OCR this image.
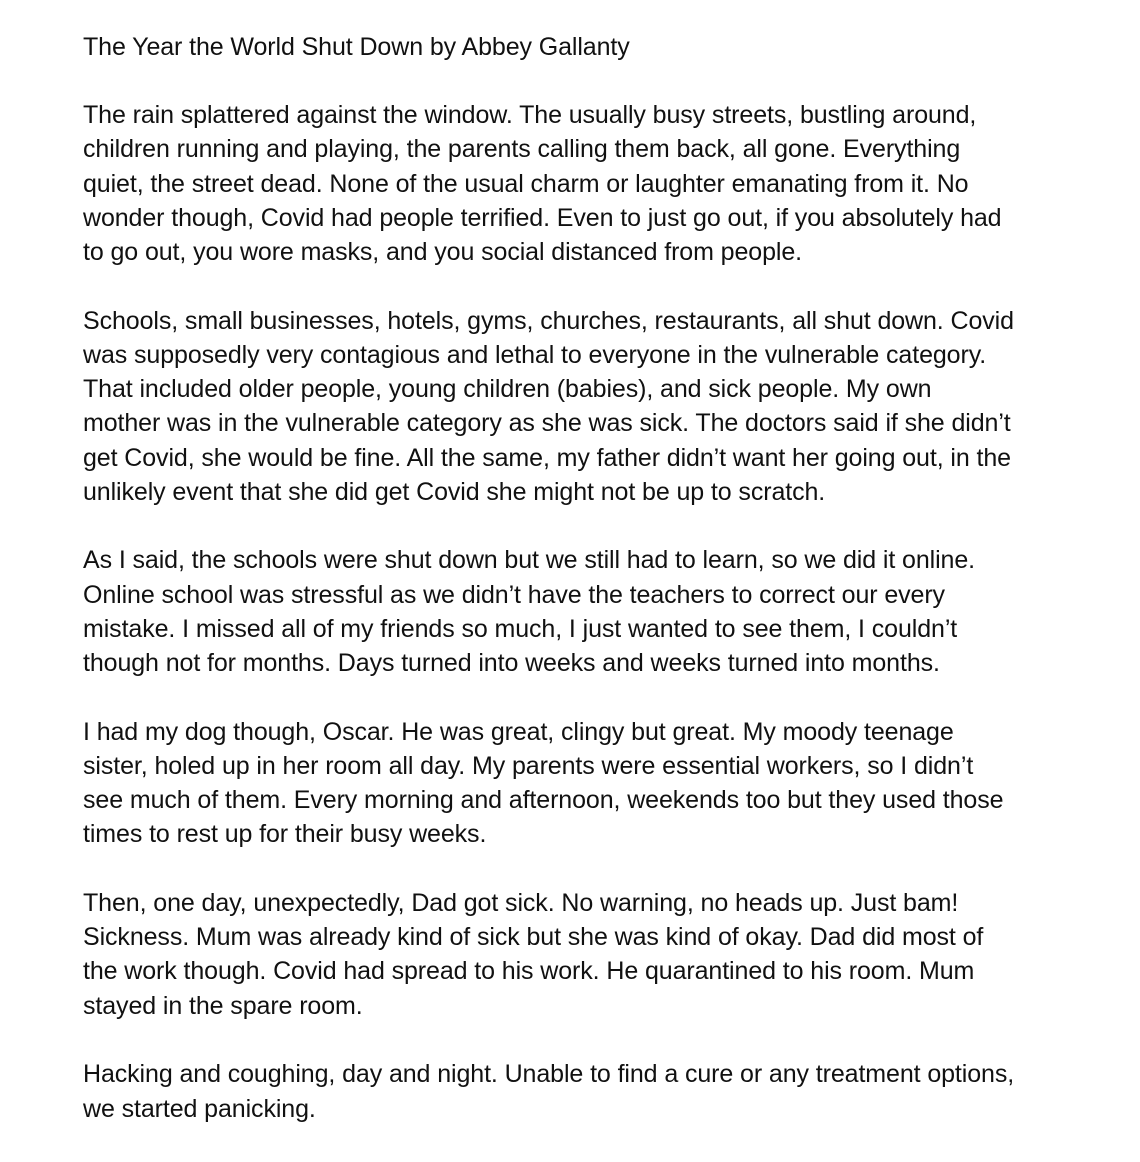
The Year the World Shut Down by Abbey Gallanty
The rain splattered against the window. The usually busy streets, bustling around,
children running and playing, the parents calling them back, all gone. Everything
quiet, the street dead. None of the usual charm or laughter emanating from it. No
wonder though, Covid had people terrified. Even to just go out, if you absolutely had
to go out, you wore masks, and you social distanced from people.
Schools, small businesses, hotels, gyms, churches, restaurants, all shut down. Covid
was supposedly very contagious and lethal to everyone in the vulnerable category.
That included older people, young children (babies), and sick people. My own
mother was in the vulnerable category as she was sick. The doctors said if she didn’t
get Covid, she would be fine. All the same, my father didn’t want her going out, in the
unlikely event that she did get Covid she might not be up to scratch.
As I said, the schools were shut down but we still had to learn, so we did it online.
Online school was stressful as we didn’t have the teachers to correct our every
mistake. I missed all of my friends so much, I just wanted to see them, I couldn’t
though not for months. Days turned into weeks and weeks turned into months.
I had my dog though, Oscar. He was great, clingy but great. My moody teenage
sister, holed up in her room all day. My parents were essential workers, so I didn’t
see much of them. Every morning and afternoon, weekends too but they used those
times to rest up for their busy weeks.
Then, one day, unexpectedly, Dad got sick. No warning, no heads up. Just bam!
Sickness. Mum was already kind of sick but she was kind of okay. Dad did most of
the work though. Covid had spread to his work. He quarantined to his room. Mum
stayed in the spare room.
Hacking and coughing, day and night. Unable to find a cure or any treatment options,
we started panicking.
